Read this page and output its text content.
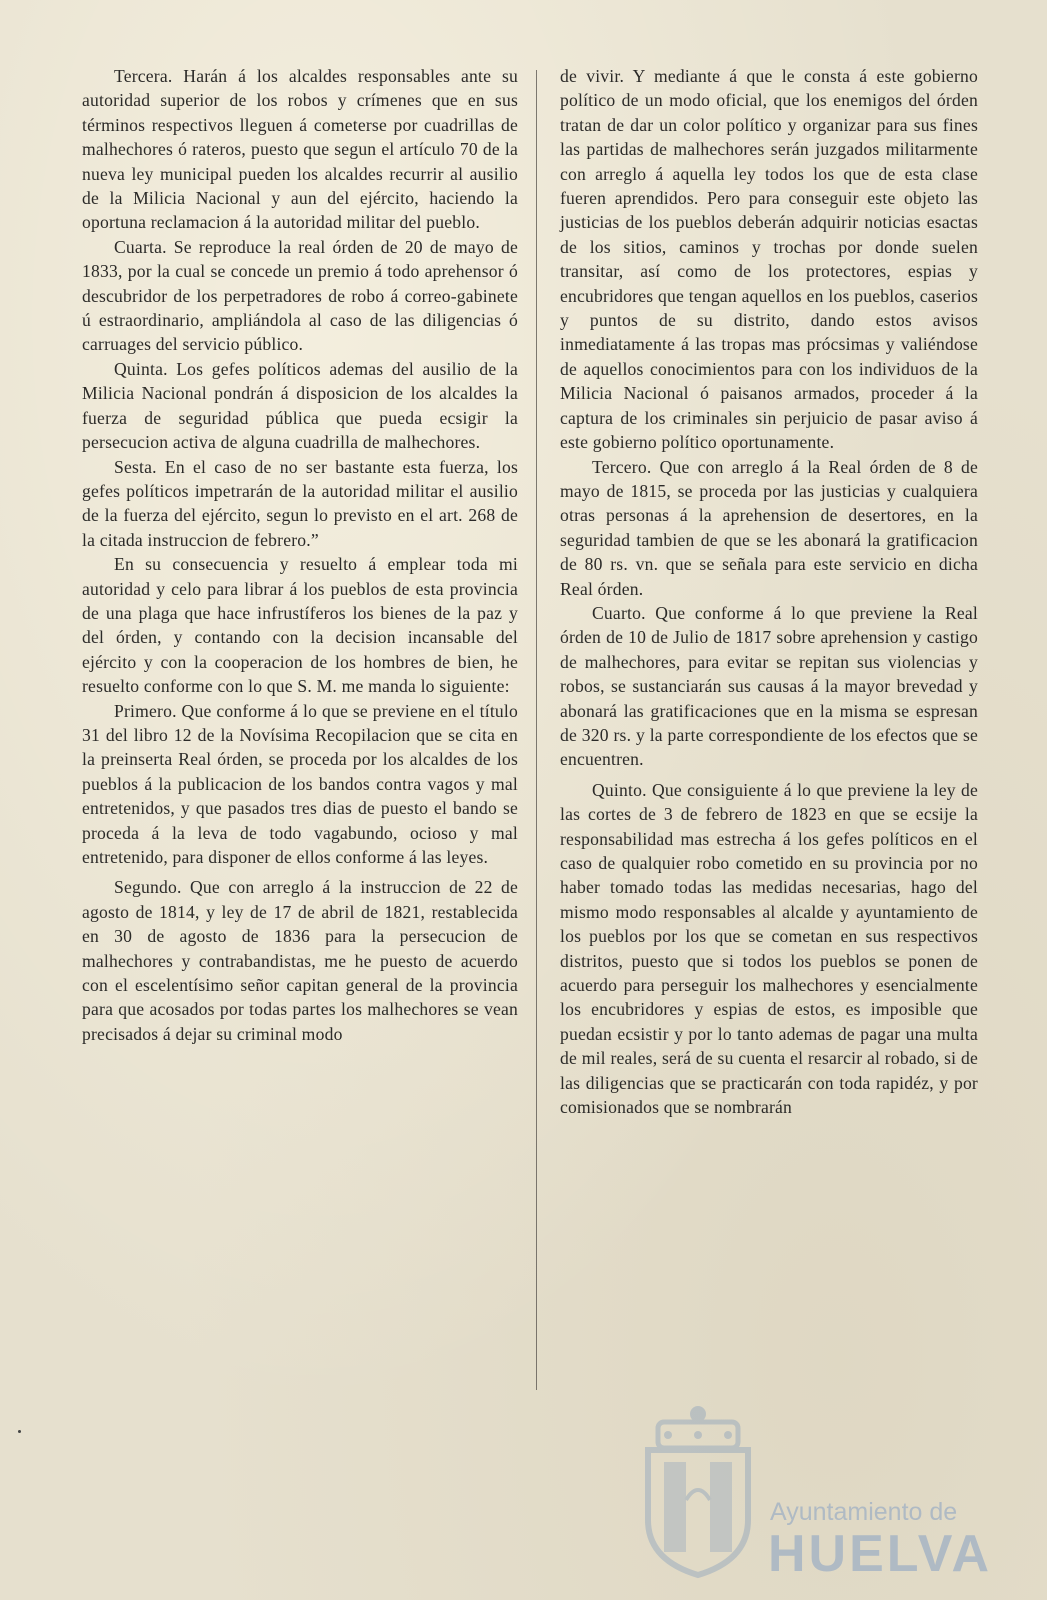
Tercera. Harán á los alcaldes responsables ante su autoridad superior de los robos y crímenes que en sus términos respectivos lleguen á cometerse por cuadrillas de malhechores ó rateros, puesto que segun el artículo 70 de la nueva ley municipal pueden los alcaldes recurrir al ausilio de la Milicia Nacional y aun del ejército, haciendo la oportuna reclamacion á la autoridad militar del pueblo.

Cuarta. Se reproduce la real órden de 20 de mayo de 1833, por la cual se concede un premio á todo aprehensor ó descubridor de los perpetradores de robo á correo-gabinete ú estraordinario, ampliándola al caso de las diligencias ó carruages del servicio público.

Quinta. Los gefes políticos ademas del ausilio de la Milicia Nacional pondrán á disposicion de los alcaldes la fuerza de seguridad pública que pueda ecsigir la persecucion activa de alguna cuadrilla de malhechores.

Sesta. En el caso de no ser bastante esta fuerza, los gefes políticos impetrarán de la autoridad militar el ausilio de la fuerza del ejército, segun lo previsto en el art. 268 de la citada instruccion de febrero.”

En su consecuencia y resuelto á emplear toda mi autoridad y celo para librar á los pueblos de esta provincia de una plaga que hace infrustíferos los bienes de la paz y del órden, y contando con la decision incansable del ejército y con la cooperacion de los hombres de bien, he resuelto conforme con lo que S. M. me manda lo siguiente:

Primero. Que conforme á lo que se previene en el título 31 del libro 12 de la Novísima Recopilacion que se cita en la preinserta Real órden, se proceda por los alcaldes de los pueblos á la publicacion de los bandos contra vagos y mal entretenidos, y que pasados tres dias de puesto el bando se proceda á la leva de todo vagabundo, ocioso y mal entretenido, para disponer de ellos conforme á las leyes.

Segundo. Que con arreglo á la instruccion de 22 de agosto de 1814, y ley de 17 de abril de 1821, restablecida en 30 de agosto de 1836 para la persecucion de malhechores y contrabandistas, me he puesto de acuerdo con el escelentísimo señor capitan general de la provincia para que acosados por todas partes los malhechores se vean precisados á dejar su criminal modo

de vivir. Y mediante á que le consta á este gobierno político de un modo oficial, que los enemigos del órden tratan de dar un color político y organizar para sus fines las partidas de malhechores serán juzgados militarmente con arreglo á aquella ley todos los que de esta clase fueren aprendidos. Pero para conseguir este objeto las justicias de los pueblos deberán adquirir noticias esactas de los sitios, caminos y trochas por donde suelen transitar, así como de los protectores, espias y encubridores que tengan aquellos en los pueblos, caserios y puntos de su distrito, dando estos avisos inmediatamente á las tropas mas prócsimas y valiéndose de aquellos conocimientos para con los individuos de la Milicia Nacional ó paisanos armados, proceder á la captura de los criminales sin perjuicio de pasar aviso á este gobierno político oportunamente.

Tercero. Que con arreglo á la Real órden de 8 de mayo de 1815, se proceda por las justicias y cualquiera otras personas á la aprehension de desertores, en la seguridad tambien de que se les abonará la gratificacion de 80 rs. vn. que se señala para este servicio en dicha Real órden.

Cuarto. Que conforme á lo que previene la Real órden de 10 de Julio de 1817 sobre aprehension y castigo de malhechores, para evitar se repitan sus violencias y robos, se sustanciarán sus causas á la mayor brevedad y abonará las gratificaciones que en la misma se espresan de 320 rs. y la parte correspondiente de los efectos que se encuentren.

Quinto. Que consiguiente á lo que previene la ley de las cortes de 3 de febrero de 1823 en que se ecsije la responsabilidad mas estrecha á los gefes políticos en el caso de qualquier robo cometido en su provincia por no haber tomado todas las medidas necesarias, hago del mismo modo responsables al alcalde y ayuntamiento de los pueblos por los que se cometan en sus respectivos distritos, puesto que si todos los pueblos se ponen de acuerdo para perseguir los malhechores y esencialmente los encubridores y espias de estos, es imposible que puedan ecsistir y por lo tanto ademas de pagar una multa de mil reales, será de su cuenta el resarcir al robado, si de las diligencias que se practicarán con toda rapidéz, y por comisionados que se nombrarán

Ayuntamiento de
HUELVA
